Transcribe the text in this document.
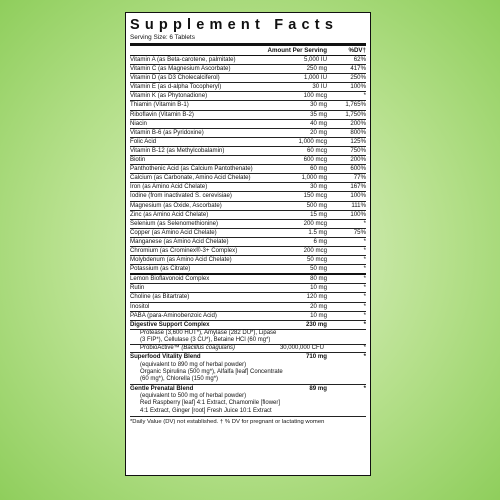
Supplement Facts
Serving Size: 6 Tablets
Amount Per Serving	%DV†
Vitamin A (as Beta-carotene, palmitate)	5,000 IU	62%
Vitamin C (as Magnesium Ascorbate)	250 mg	417%
Vitamin D (as D3 Cholecalciferol)	1,000 IU	250%
Vitamin E (as d-alpha Tocopheryl)	30 IU	100%
Vitamin K (as Phytonadione)	100 mcg	*
Thiamin (Vitamin B-1)	30 mg	1,765%
Riboflavin (Vitamin B-2)	35 mg	1,750%
Niacin	40 mg	200%
Vitamin B-6 (as Pyridoxine)	20 mg	800%
Folic Acid	1,000 mcg	125%
Vitamin B-12 (as Methylcobalamin)	60 mcg	750%
Biotin	600 mcg	200%
Panthothenic Acid (as Calcium Pantothenate)	60 mg	600%
Calcium (as Carbonate, Amino Acid Chelate)	1,000 mg	77%
Iron (as Amino Acid Chelate)	30 mg	167%
Iodine (from inactivated S. cerevisiae)	150 mcg	100%
Magnesium (as Oxide, Ascorbate)	500 mg	111%
Zinc (as Amino Acid Chelate)	15 mg	100%
Selenium (as Selenomethionine)	200 mcg	*
Copper (as Amino Acid Chelate)	1.5 mg	75%
Manganese (as Amino Acid Chelate)	6 mg	*
Chromium (as Crominex®-3+ Complex)	200 mcg	*
Molybdenum (as Amino Acid Chelate)	50 mcg	*
Potassium (as Citrate)	50 mg	*
Lemon Bioflavonoid Complex	80 mg	*
Rutin	10 mg	*
Choline (as Bitartrate)	120 mg	*
Inositol	20 mg	*
PABA (para-Aminobenzoic Acid)	10 mg	*
Digestive Support Complex	230 mg	*
Protease (3,600 HUT*), Amylase (282 DU*), Lipase
(3 FIP*), Cellulase (3 CU*), Betaine HCl (60 mg*)
ProbioActive™ (Bacillus coagulans)	30,000,000 CFU	*
Superfood Vitality Blend	710 mg	*
(equivalent to 890 mg of herbal powder)
Organic Spirulina (500 mg*), Alfalfa [leaf] Concentrate
(60 mg*), Chlorella (150 mg*)
Gentle Prenatal Blend	89 mg	*
(equivalent to 500 mg of herbal powder)
Red Raspberry [leaf] 4:1 Extract, Chamomile [flower]
4:1 Extract, Ginger [root] Fresh Juice 10:1 Extract
*Daily Value (DV) not established. † % DV for pregnant or lactating women
